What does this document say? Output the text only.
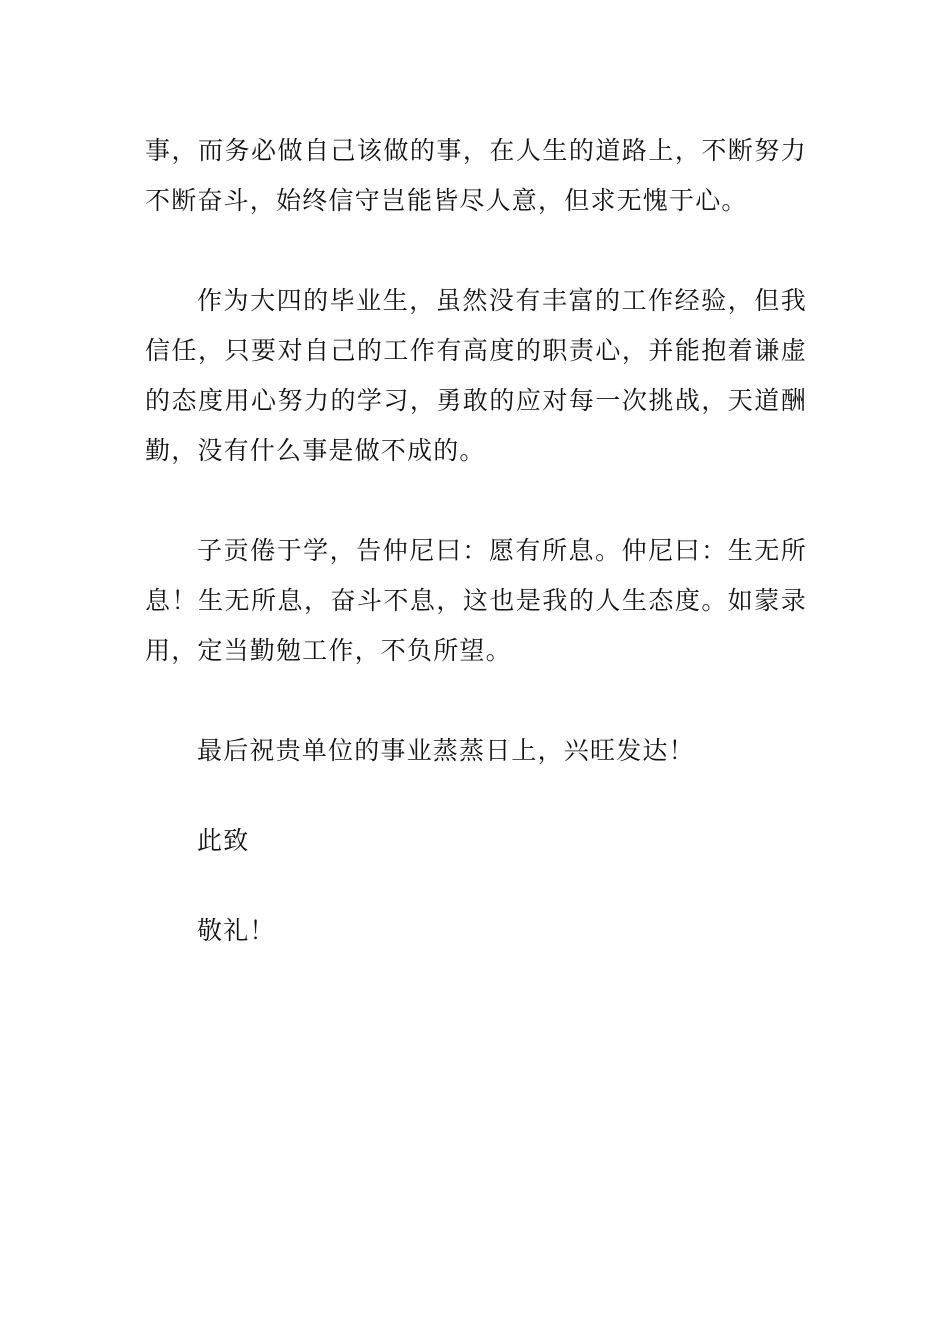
事，而务必做自己该做的事，在人生的道路上，不断努力不断奋斗，始终信守岂能皆尽人意，但求无愧于心。

作为大四的毕业生，虽然没有丰富的工作经验，但我信任，只要对自己的工作有高度的职责心，并能抱着谦虚的态度用心努力的学习，勇敢的应对每一次挑战，天道酬勤，没有什么事是做不成的。

子贡倦于学，告仲尼曰：愿有所息。仲尼曰：生无所息！生无所息，奋斗不息，这也是我的人生态度。如蒙录用，定当勤勉工作，不负所望。

最后祝贵单位的事业蒸蒸日上，兴旺发达！

此致

敬礼！
